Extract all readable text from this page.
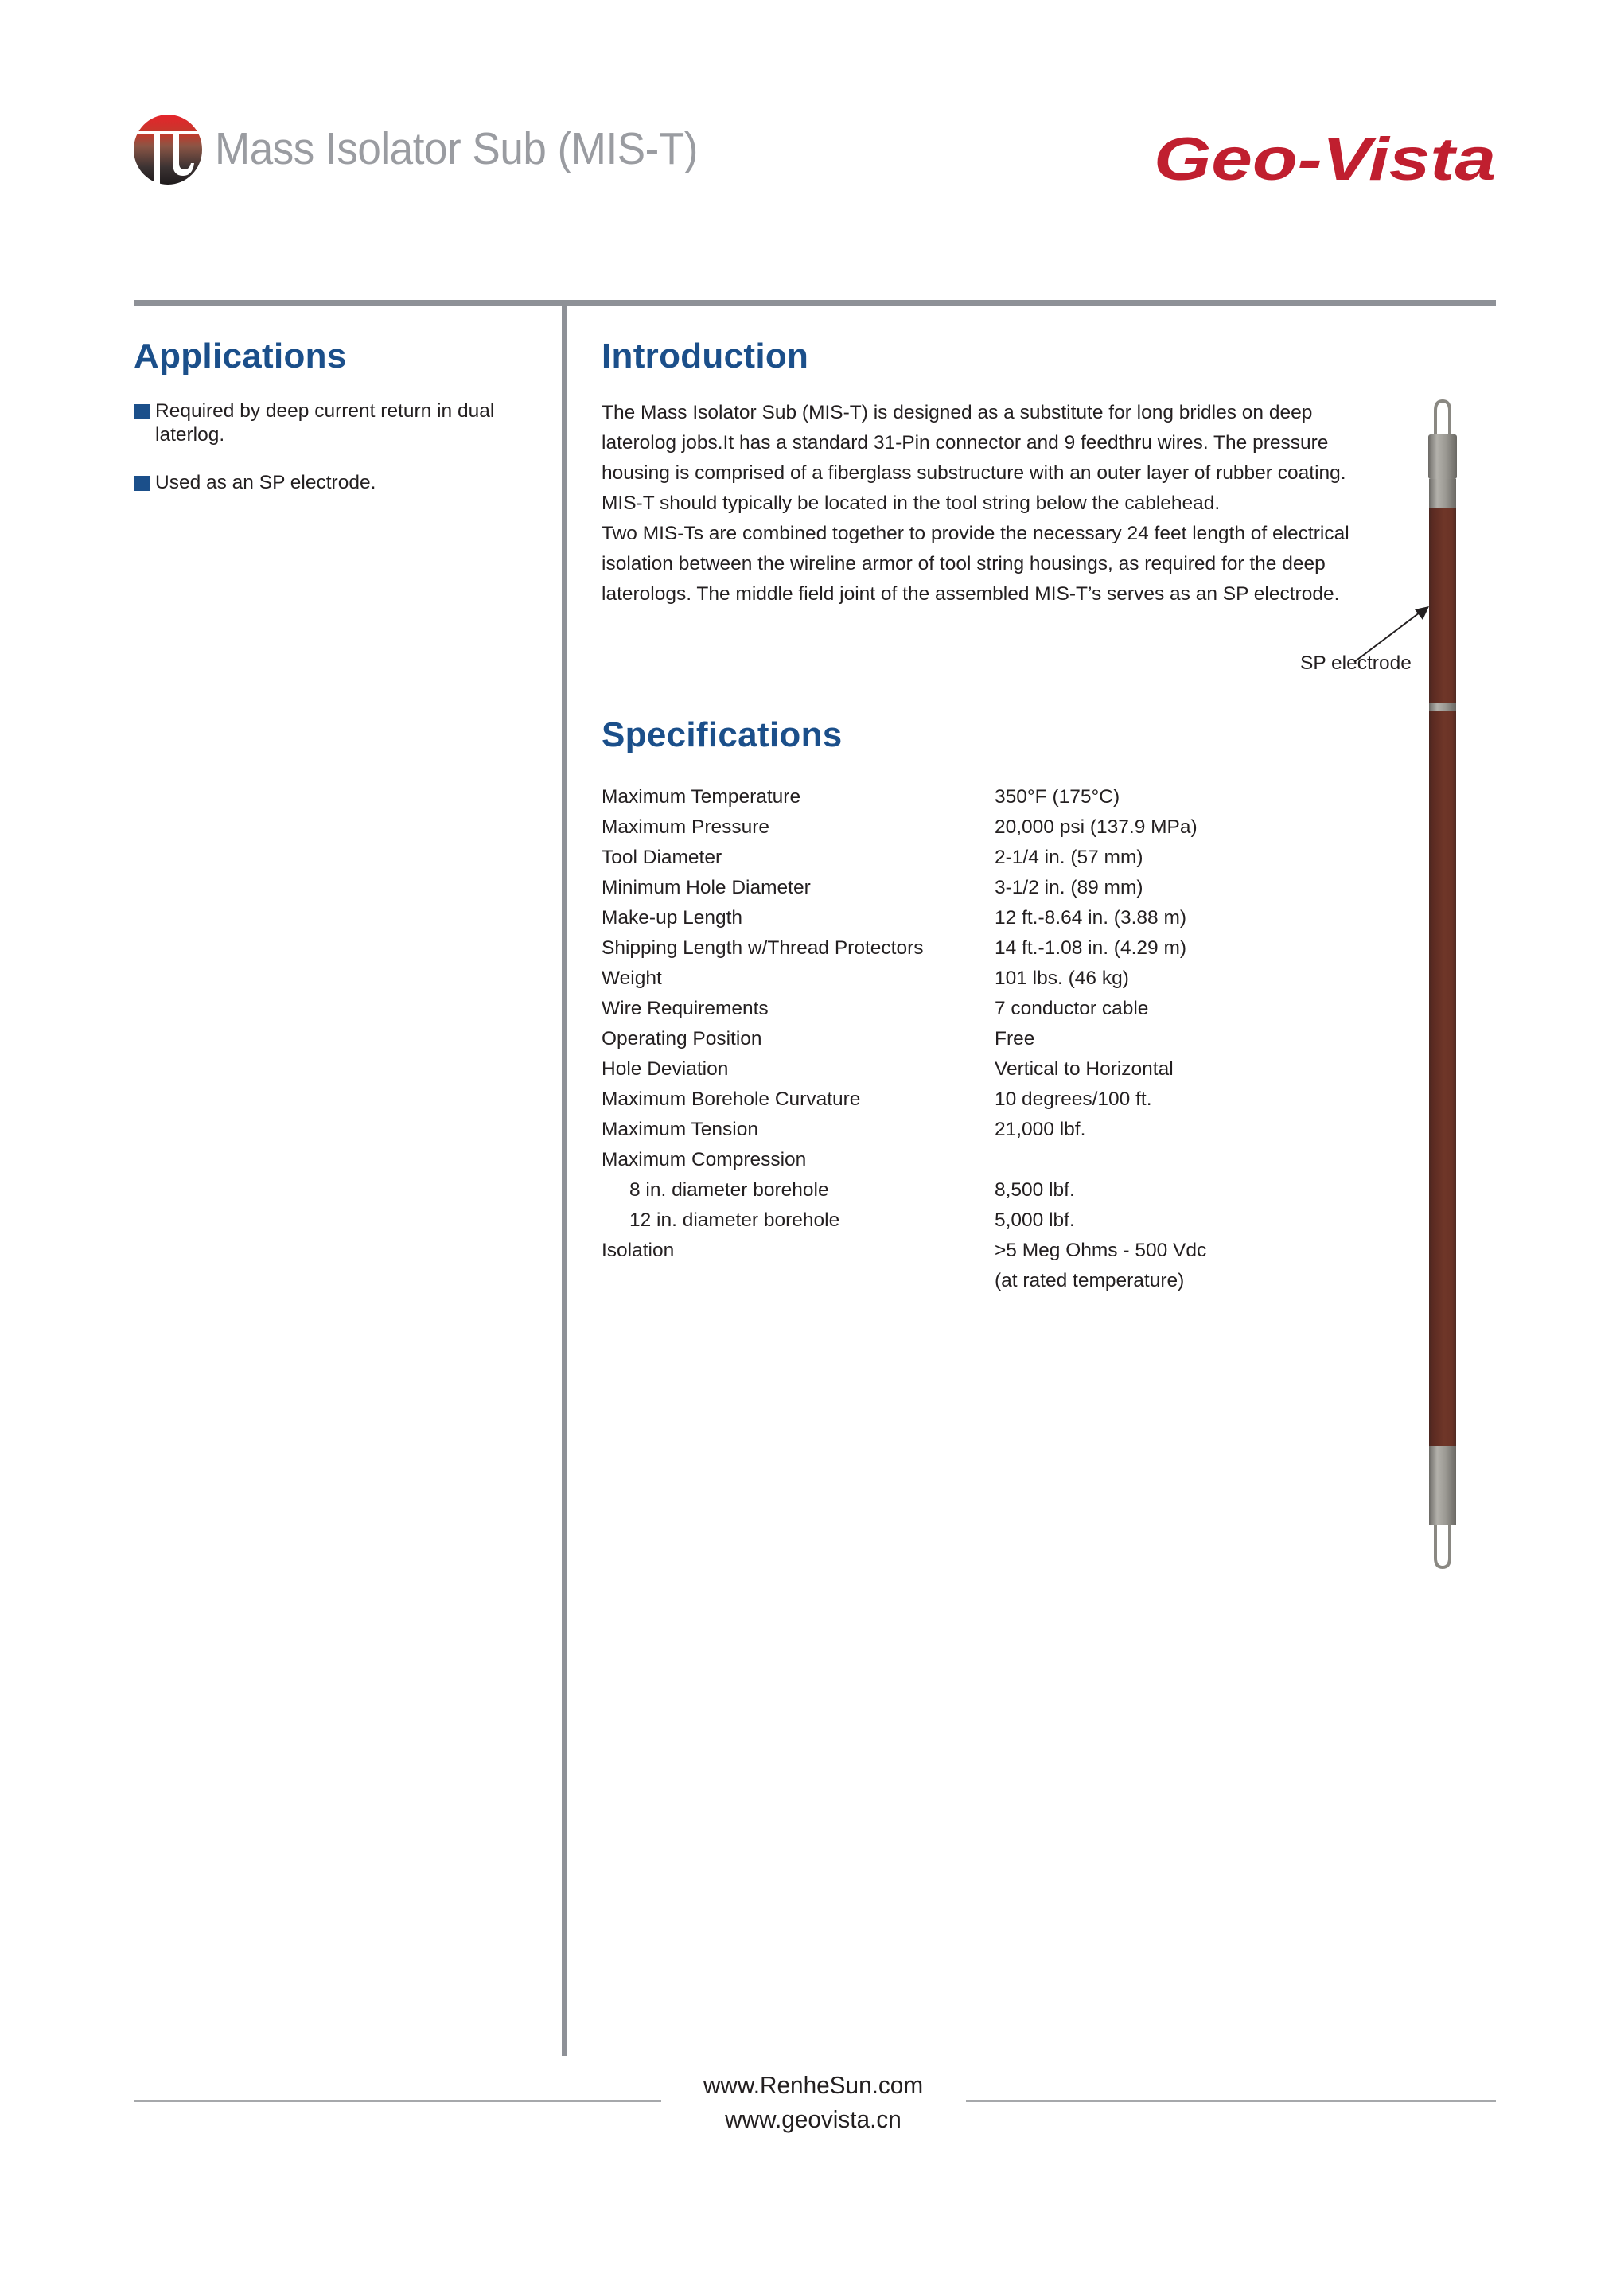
Mass Isolator Sub (MIS-T)	Geo-Vista
Applications
Required by deep current return in dual laterlog.
Used as an SP electrode.
Introduction

The Mass Isolator Sub (MIS-T) is designed as a substitute for long bridles on deep laterolog jobs.It has a standard 31-Pin connector and 9 feedthru wires. The pressure housing is comprised of a fiberglass substructure with an outer layer of rubber coating. MIS-T should typically be located in the tool string below the cablehead.

Two MIS-Ts are combined together to provide the necessary 24 feet length of electrical isolation between the wireline armor of tool string housings, as required for the deep laterologs. The middle field joint of the assembled MIS-T’s serves as an SP electrode.

SP electrode
Specifications
Maximum Temperature	350°F (175°C)
Maximum Pressure	20,000 psi (137.9 MPa)
Tool Diameter	2-1/4 in. (57 mm)
Minimum Hole Diameter	3-1/2 in. (89 mm)
Make-up Length	12 ft.-8.64 in. (3.88 m)
Shipping Length w/Thread Protectors	14 ft.-1.08 in. (4.29 m)
Weight	101 lbs. (46 kg)
Wire Requirements	7 conductor cable
Operating Position	Free
Hole Deviation	Vertical to Horizontal
Maximum Borehole Curvature	10 degrees/100 ft.
Maximum Tension	21,000 lbf.
Maximum Compression	
8 in. diameter borehole	8,500 lbf.
12 in. diameter borehole	5,000 lbf.
Isolation	>5 Meg Ohms - 500 Vdc
	(at rated temperature)
www.RenheSun.com
www.geovista.cn
